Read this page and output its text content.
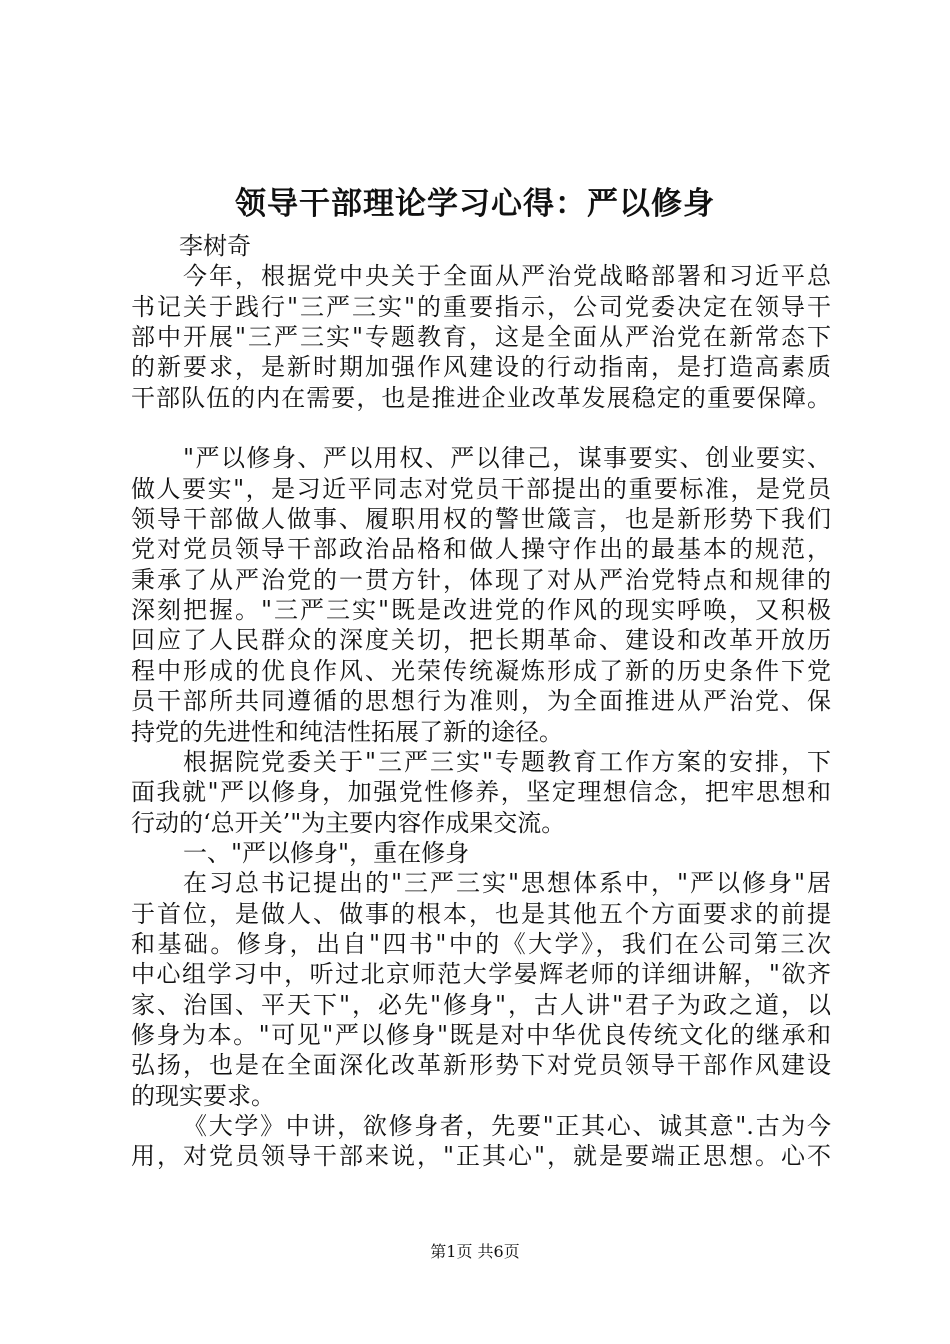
领导干部理论学习心得：严以修身
李树奇
今年，根据党中央关于全面从严治党战略部署和习近平总
书记关于践行"三严三实"的重要指示，公司党委决定在领导干
部中开展"三严三实"专题教育，这是全面从严治党在新常态下
的新要求，是新时期加强作风建设的行动指南，是打造高素质
干部队伍的内在需要，也是推进企业改革发展稳定的重要保障。
"严以修身、严以用权、严以律己，谋事要实、创业要实、
做人要实"，是习近平同志对党员干部提出的重要标准，是党员
领导干部做人做事、履职用权的警世箴言，也是新形势下我们
党对党员领导干部政治品格和做人操守作出的最基本的规范，
秉承了从严治党的一贯方针，体现了对从严治党特点和规律的
深刻把握。"三严三实"既是改进党的作风的现实呼唤，又积极
回应了人民群众的深度关切，把长期革命、建设和改革开放历
程中形成的优良作风、光荣传统凝炼形成了新的历史条件下党
员干部所共同遵循的思想行为准则，为全面推进从严治党、保
持党的先进性和纯洁性拓展了新的途径。
根据院党委关于"三严三实"专题教育工作方案的安排，下
面我就"严以修身，加强党性修养，坚定理想信念，把牢思想和
行动的‘总开关’"为主要内容作成果交流。
一、"严以修身"，重在修身
在习总书记提出的"三严三实"思想体系中，"严以修身"居
于首位，是做人、做事的根本，也是其他五个方面要求的前提
和基础。修身，出自"四书"中的《大学》，我们在公司第三次
中心组学习中，听过北京师范大学晏辉老师的详细讲解，"欲齐
家、治国、平天下"，必先"修身"，古人讲"君子为政之道，以
修身为本。"可见"严以修身"既是对中华优良传统文化的继承和
弘扬，也是在全面深化改革新形势下对党员领导干部作风建设
的现实要求。
《大学》中讲，欲修身者，先要"正其心、诚其意".古为今
用，对党员领导干部来说，"正其心"，就是要端正思想。心不
第1页 共6页
